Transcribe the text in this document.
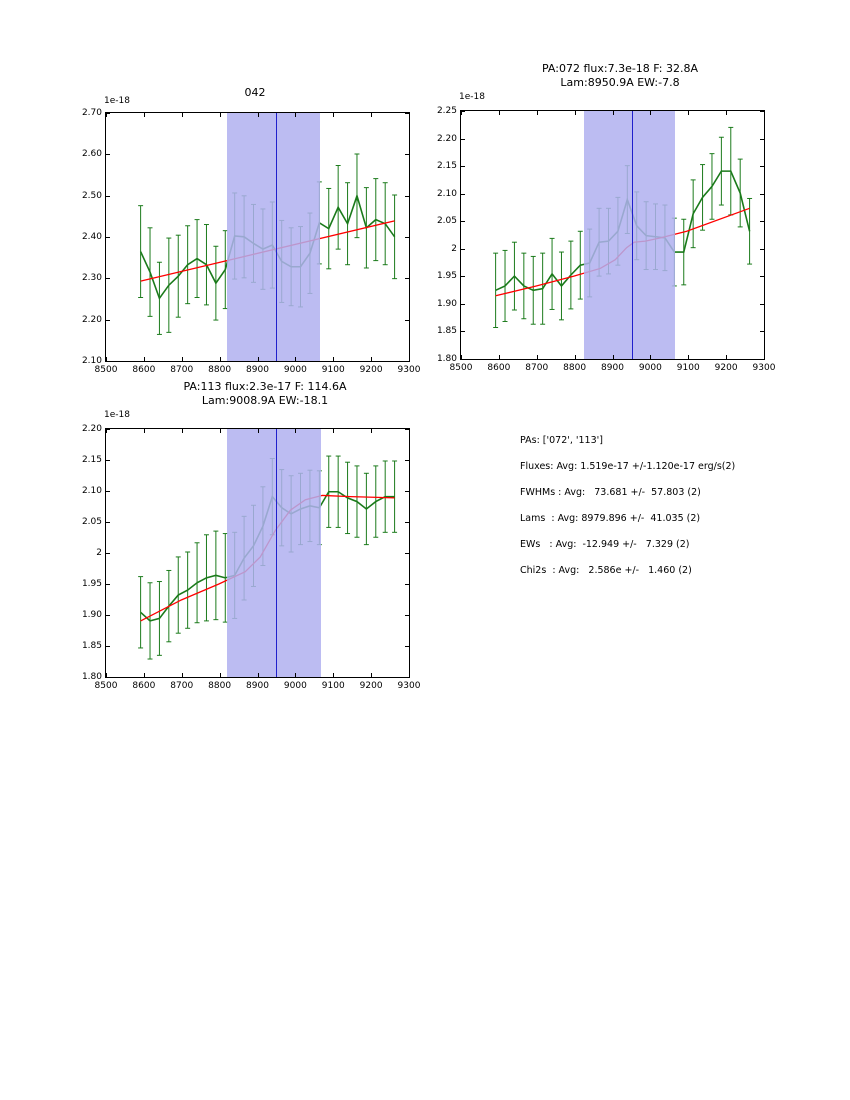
042
1e-18
2.10
2.20
2.30
2.40
2.50
2.60
2.70
8500 8600 8700 8800 8900 9000 9100 9200 9300
PA:072 flux:7.3e-18 F: 32.8A
Lam:8950.9A EW:-7.8
1e-18
1.80
1.85
1.90
1.95
2
2.05
2.10
2.15
2.20
2.25
8500 8600 8700 8800 8900 9000 9100 9200 9300
PA:113 flux:2.3e-17 F: 114.6A
Lam:9008.9A EW:-18.1
1e-18
1.80
1.85
1.90
1.95
2
2.05
2.10
2.15
2.20
8500 8600 8700 8800 8900 9000 9100 9200 9300
PAs: ['072', '113']
Fluxes: Avg: 1.519e-17 +/-1.120e-17 erg/s(2)
FWHMs : Avg:   73.681 +/-  57.803 (2)
Lams  : Avg: 8979.896 +/-  41.035 (2)
EWs   : Avg:  -12.949 +/-   7.329 (2)
Chi2s  : Avg:   2.586e +/-   1.460 (2)
